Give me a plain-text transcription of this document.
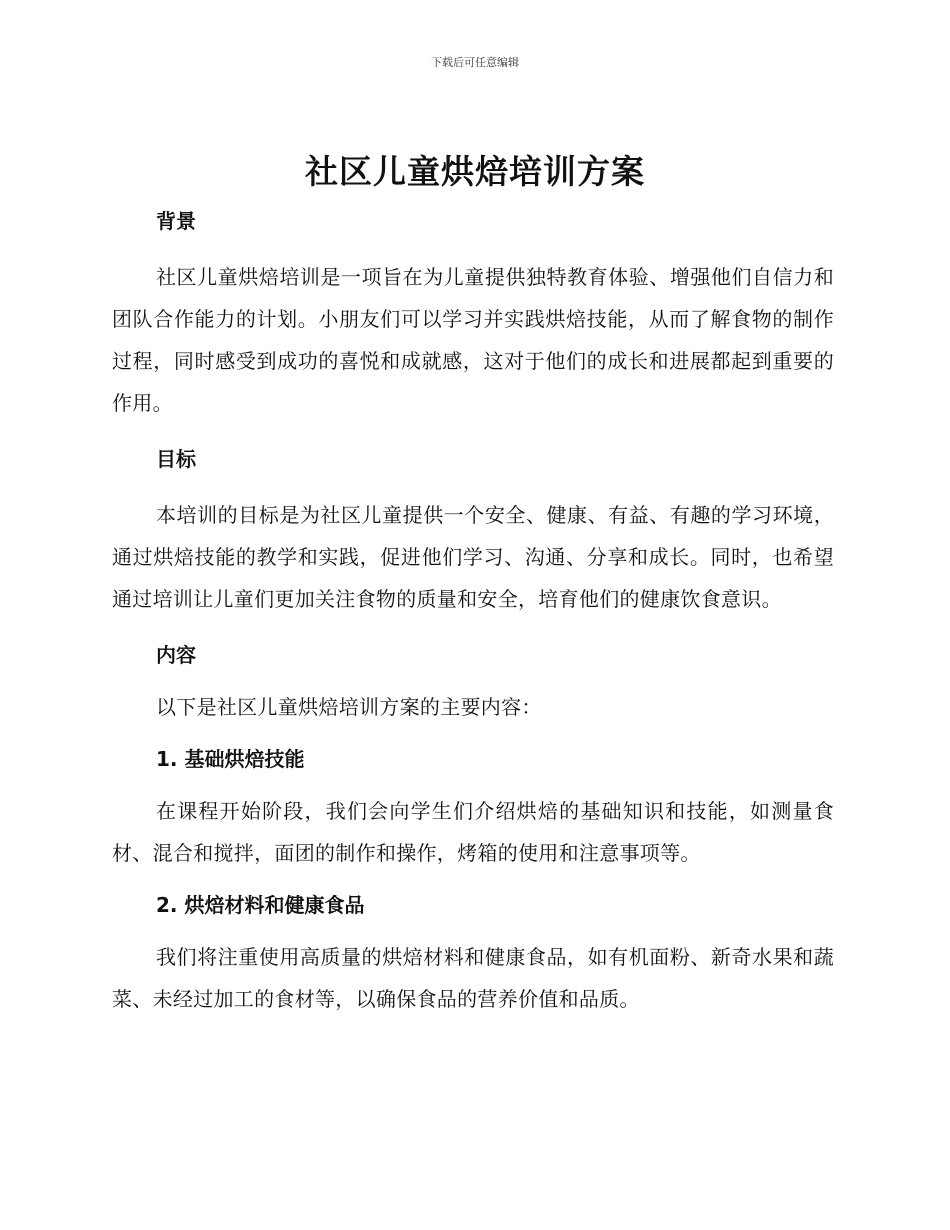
下载后可任意编辑
社区儿童烘焙培训方案
背景

社区儿童烘焙培训是一项旨在为儿童提供独特教育体验、增强他们自信力和团队合作能力的计划。小朋友们可以学习并实践烘焙技能，从而了解食物的制作过程，同时感受到成功的喜悦和成就感，这对于他们的成长和进展都起到重要的作用。

目标

本培训的目标是为社区儿童提供一个安全、健康、有益、有趣的学习环境，通过烘焙技能的教学和实践，促进他们学习、沟通、分享和成长。同时，也希望通过培训让儿童们更加关注食物的质量和安全，培育他们的健康饮食意识。

内容

以下是社区儿童烘焙培训方案的主要内容：

1. 基础烘焙技能

在课程开始阶段，我们会向学生们介绍烘焙的基础知识和技能，如测量食材、混合和搅拌，面团的制作和操作，烤箱的使用和注意事项等。

2. 烘焙材料和健康食品

我们将注重使用高质量的烘焙材料和健康食品，如有机面粉、新奇水果和蔬菜、未经过加工的食材等，以确保食品的营养价值和品质。
